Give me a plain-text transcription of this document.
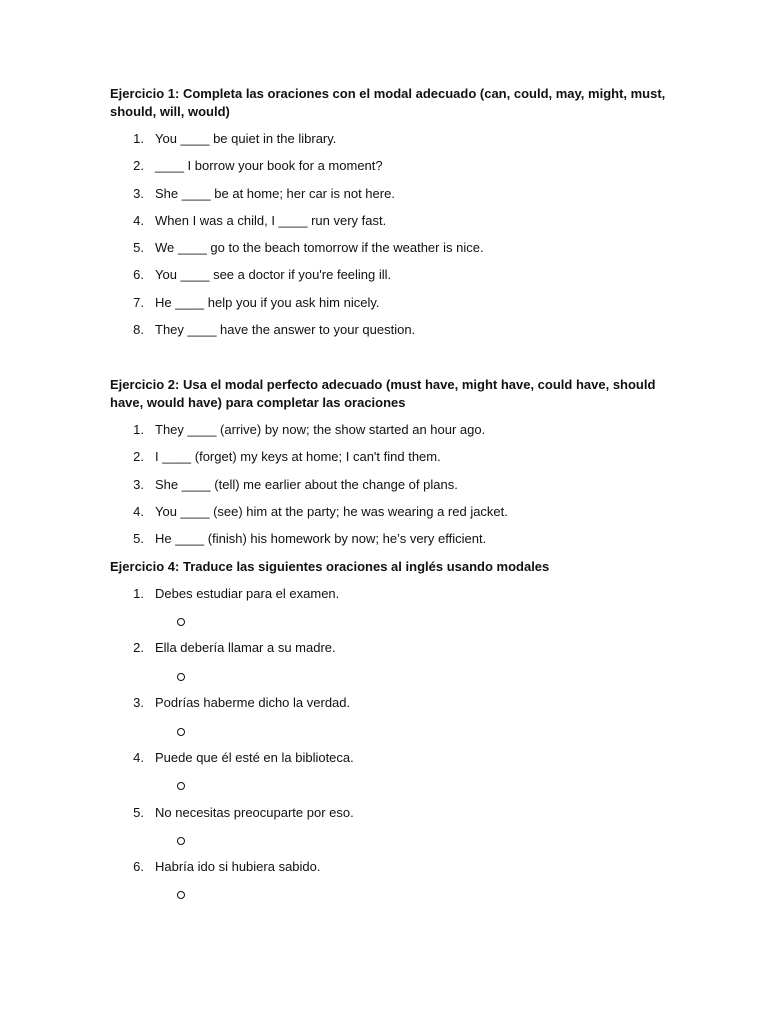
Ejercicio 1: Completa las oraciones con el modal adecuado (can, could, may, might, must, should, will, would)

1. You ____ be quiet in the library.
2. ____ I borrow your book for a moment?
3. She ____ be at home; her car is not here.
4. When I was a child, I ____ run very fast.
5. We ____ go to the beach tomorrow if the weather is nice.
6. You ____ see a doctor if you're feeling ill.
7. He ____ help you if you ask him nicely.
8. They ____ have the answer to your question.

Ejercicio 2: Usa el modal perfecto adecuado (must have, might have, could have, should have, would have) para completar las oraciones

1. They ____ (arrive) by now; the show started an hour ago.
2. I ____ (forget) my keys at home; I can't find them.
3. She ____ (tell) me earlier about the change of plans.
4. You ____ (see) him at the party; he was wearing a red jacket.
5. He ____ (finish) his homework by now; he’s very efficient.

Ejercicio 4: Traduce las siguientes oraciones al inglés usando modales

1. Debes estudiar para el examen.
2. Ella debería llamar a su madre.
3. Podrías haberme dicho la verdad.
4. Puede que él esté en la biblioteca.
5. No necesitas preocuparte por eso.
6. Habría ido si hubiera sabido.
